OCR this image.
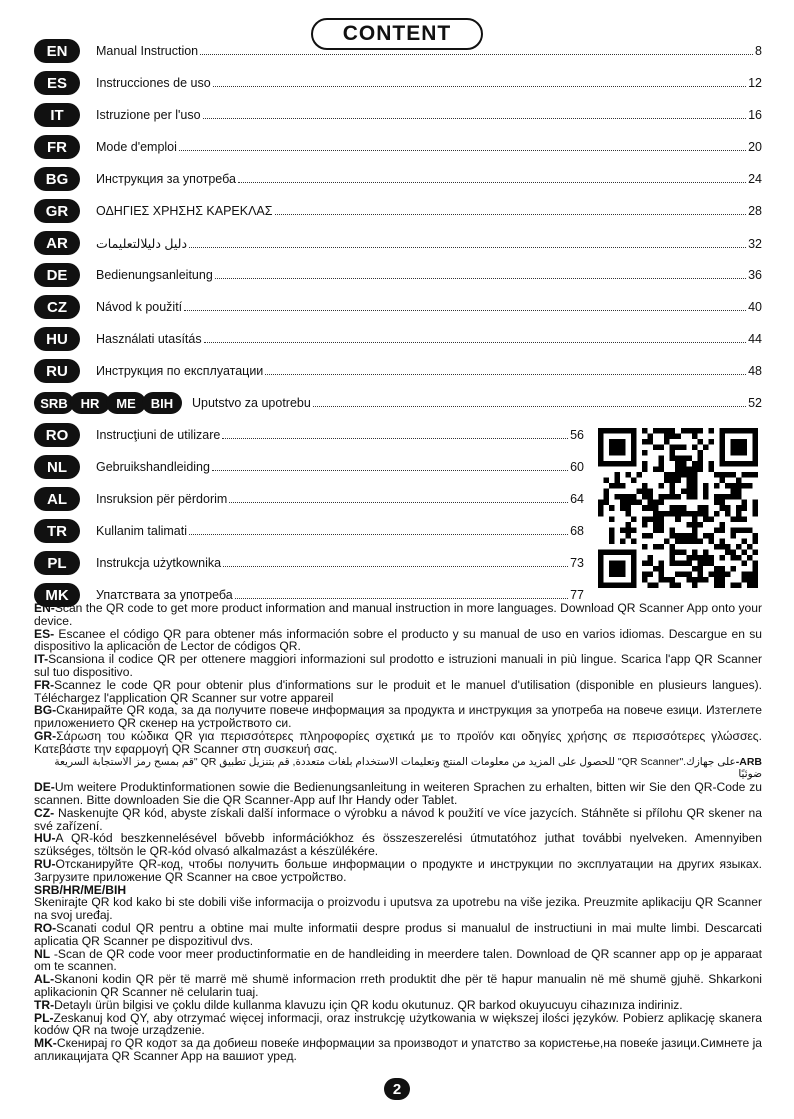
CONTENT
EN	Manual Instruction	8
ES	Instrucciones de uso	12
IT	Istruzione per l'uso	16
FR	Mode d'emploi	20
BG	Инструкция за употреба	24
GR	ΟΔΗΓΙΕΣ ΧΡΗΣΗΣ ΚΑΡΕΚΛΑΣ	28
AR	دليل دليلالتعليمات	32
DE	Bedienungsanleitung	36
CZ	Návod k použití	40
HU	Használati utasítás	44
RU	Инструкция по експлуатации	48
SRB HR	ME	BIH	Uputstvo za upotrebu	52
RO	Instrucţiuni de utilizare	56
NL	Gebruikshandleiding	60
AL	Insruksion për përdorim	64
TR	Kullanim talimati	68
PL	Instrukcja użytkownika	73
MK	Упатствата за употреба	77

EN-Scan the QR code to get more product information and manual instruction in more languages. Download QR Scanner App onto your device.

ES- Escanee el código QR para obtener más información sobre el producto y su manual de uso en varios idiomas. Descargue en su dispositivo la aplicación de Lector de códigos QR.

IT-Scansiona il codice QR per ottenere maggiori informazioni sul prodotto e istruzioni manuali in più lingue. Scarica l'app QR Scanner sul tuo dispositivo.

FR-Scannez le code QR pour obtenir plus d'informations sur le produit et le manuel d'utilisation (disponible en plusieurs langues). Téléchargez l'application QR Scanner sur votre appareil

BG-Сканирайте QR кода, за да получите повече информация за продукта и инструкция за употреба на повече езици. Изтеглете приложението QR скенер на устройството си.

GR-Σάρωση του κώδικα QR για περισσότερες πληροφορίες σχετικά με το προϊόν και οδηγίες χρήσης σε περισσότερες γλώσσες. Κατεβάστε την εφαρμογή QR Scanner στη συσκευή σας.

ARB-على جهازك."QR Scanner" للحصول على المزيد من معلومات المنتج وتعليمات الاستخدام بلغات متعددة, قم بتنزيل تطبيق QR "قم بمسح رمز الاستجابة السريعة ضوئيًا

DE-Um weitere Produktinformationen sowie die Bedienungsanleitung in weiteren Sprachen zu erhalten, bitten wir Sie den QR-Code zu scannen. Bitte downloaden Sie die QR Scanner-App auf Ihr Handy oder Tablet.

CZ- Naskenujte QR kód, abyste získali další informace o výrobku a návod k použití ve více jazycích. Stáhněte si přílohu QR skener na své zařízení.

HU-A QR-kód beszkennelésével bővebb információkhoz és összeszerelési útmutatóhoz juthat további nyelveken. Amennyiben szükséges, töltsön le QR-kód olvasó alkalmazást a készülékére.

RU-Отсканируйте QR-код, чтобы получить больше информации о продукте и инструкции по эксплуатации на других языках. Загрузите приложение QR Scanner на свое устройство.

SRB/HR/ME/BIH
Skenirajte QR kod kako bi ste dobili više informacija o proizvodu i uputsva za upotrebu na više jezika. Preuzmite aplikaciju QR Scanner na svoj uređaj.

RO-Scanati codul QR pentru a obtine mai multe informatii despre produs si manualul de instructiuni in mai multe limbi. Descarcati aplicatia QR Scanner pe dispozitivul dvs.

NL -Scan de QR code voor meer productinformatie en de handleiding in meerdere talen. Download de QR scanner app op je apparaat om te scannen.

AL-Skanoni kodin QR për të marrë më shumë informacion rreth produktit dhe për të hapur manualin në më shumë gjuhë. Shkarkoni aplikacionin QR Scanner në celularin tuaj.

TR-Detaylı ürün bilgisi ve çoklu dilde kullanma klavuzu için QR kodu okutunuz. QR barkod okuyucuyu cihazınıza indiriniz.

PL-Zeskanuj kod QY, aby otrzymać więcej informacji, oraz instrukcję użytkowania w większej ilości języków. Pobierz aplikację skanera kodów QR na twoje urządzenie.

MK-Скенирај го QR кодот за да добиеш повеќе информации за производот и упатство за користење,на повеќе јазици.Симнете ја апликацијата QR Scanner App на вашиот уред.

2
